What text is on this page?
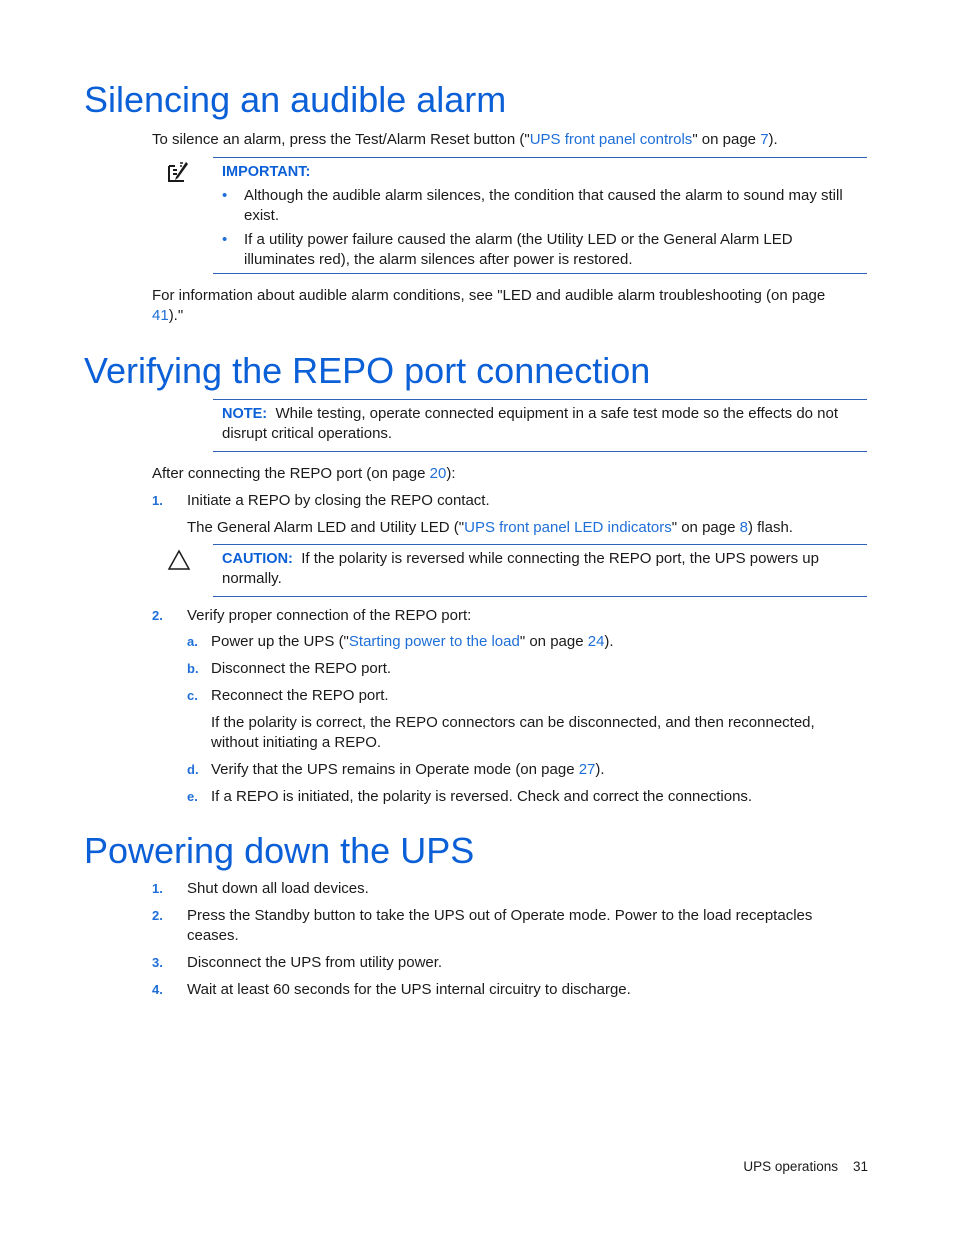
Silencing an audible alarm
To silence an alarm, press the Test/Alarm Reset button ("UPS front panel controls" on page 7).
IMPORTANT:
• Although the audible alarm silences, the condition that caused the alarm to sound may still
exist.
• If a utility power failure caused the alarm (the Utility LED or the General Alarm LED
illuminates red), the alarm silences after power is restored.
For information about audible alarm conditions, see "LED and audible alarm troubleshooting (on page
41)."
Verifying the REPO port connection
NOTE: While testing, operate connected equipment in a safe test mode so the effects do not
disrupt critical operations.
After connecting the REPO port (on page 20):
1. Initiate a REPO by closing the REPO contact.
The General Alarm LED and Utility LED ("UPS front panel LED indicators" on page 8) flash.
CAUTION: If the polarity is reversed while connecting the REPO port, the UPS powers up
normally.
2. Verify proper connection of the REPO port:
a. Power up the UPS ("Starting power to the load" on page 24).
b. Disconnect the REPO port.
c. Reconnect the REPO port.
If the polarity is correct, the REPO connectors can be disconnected, and then reconnected,
without initiating a REPO.
d. Verify that the UPS remains in Operate mode (on page 27).
e. If a REPO is initiated, the polarity is reversed. Check and correct the connections.
Powering down the UPS
1. Shut down all load devices.
2. Press the Standby button to take the UPS out of Operate mode. Power to the load receptacles
ceases.
3. Disconnect the UPS from utility power.
4. Wait at least 60 seconds for the UPS internal circuitry to discharge.
UPS operations 31
